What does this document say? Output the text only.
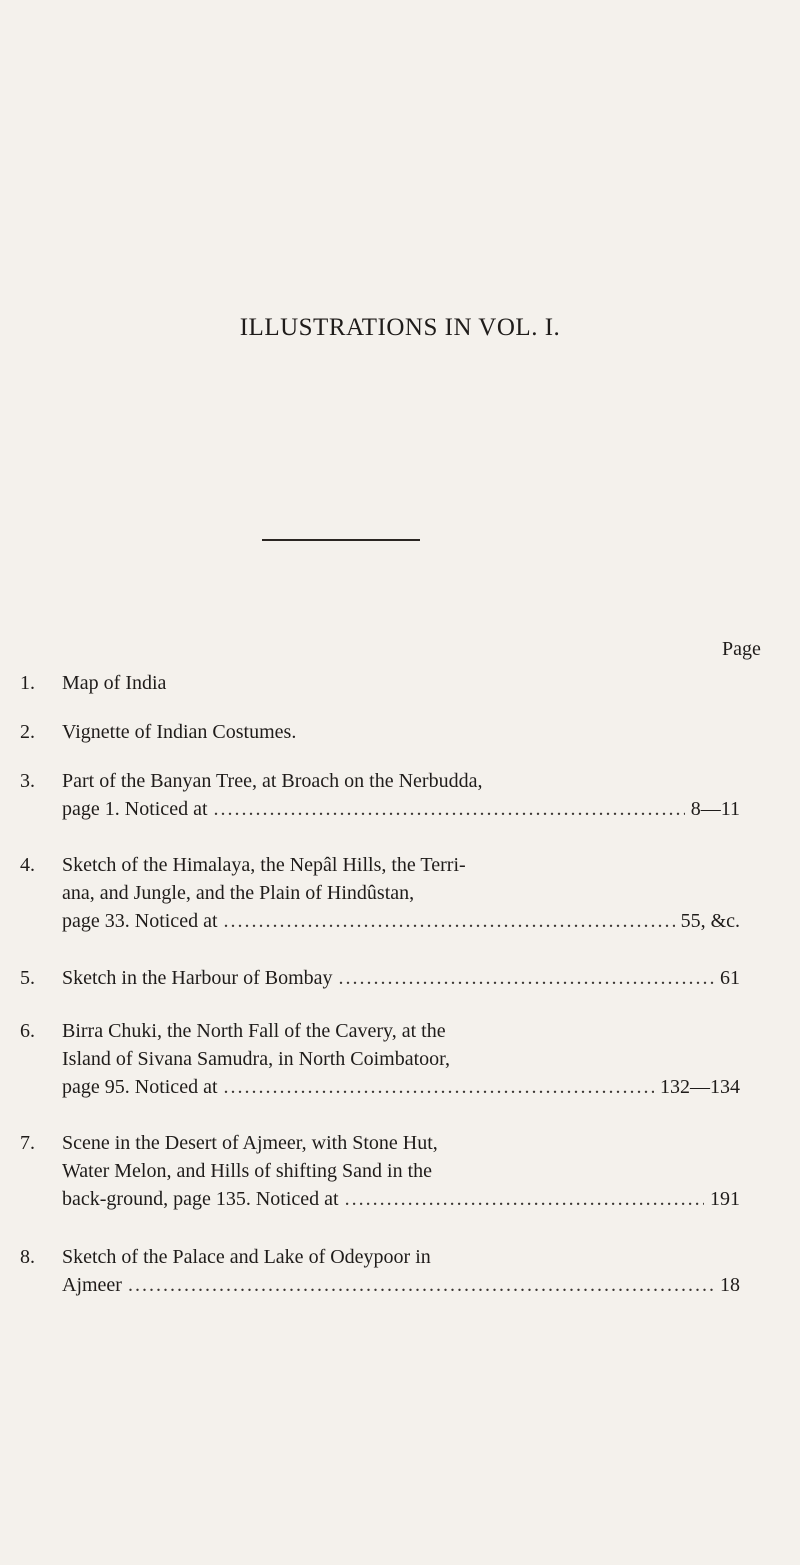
ILLUSTRATIONS IN VOL. I.
Page
1.	Map of India
2.	Vignette of Indian Costumes.
3.	Part of the Banyan Tree, at Broach on the Nerbudda,
page 1. Noticed at .....	8—11
4.	Sketch of the Himalaya, the Nepâl Hills, the Terri-
ana, and Jungle, and the Plain of Hindûstan,
page 33. Noticed at .....	55, &c.
5.	Sketch in the Harbour of Bombay .....	61
6.	Birra Chuki, the North Fall of the Cavery, at the
Island of Sivana Samudra, in North Coimbatoor,
page 95. Noticed at .....	132—134
7.	Scene in the Desert of Ajmeer, with Stone Hut,
Water Melon, and Hills of shifting Sand in the
back-ground, page 135. Noticed at .....	191
8.	Sketch of the Palace and Lake of Odeypoor in
Ajmeer .....	18
